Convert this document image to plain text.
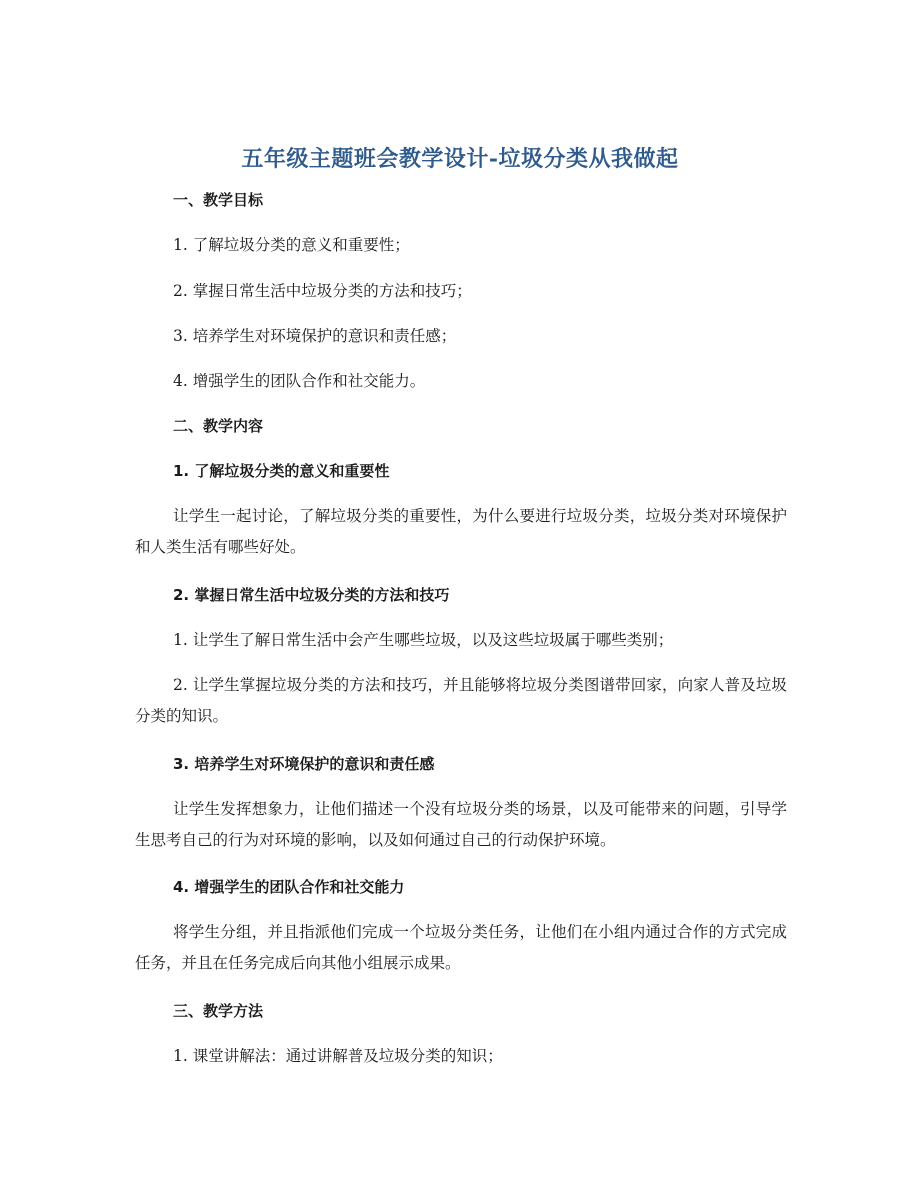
五年级主题班会教学设计-垃圾分类从我做起
一、教学目标
1. 了解垃圾分类的意义和重要性；
2. 掌握日常生活中垃圾分类的方法和技巧；
3. 培养学生对环境保护的意识和责任感；
4. 增强学生的团队合作和社交能力。
二、教学内容
1. 了解垃圾分类的意义和重要性
让学生一起讨论，了解垃圾分类的重要性，为什么要进行垃圾分类，垃圾分类对环境保护和人类生活有哪些好处。
2. 掌握日常生活中垃圾分类的方法和技巧
1. 让学生了解日常生活中会产生哪些垃圾，以及这些垃圾属于哪些类别；
2. 让学生掌握垃圾分类的方法和技巧，并且能够将垃圾分类图谱带回家，向家人普及垃圾分类的知识。
3. 培养学生对环境保护的意识和责任感
让学生发挥想象力，让他们描述一个没有垃圾分类的场景，以及可能带来的问题，引导学生思考自己的行为对环境的影响，以及如何通过自己的行动保护环境。
4. 增强学生的团队合作和社交能力
将学生分组，并且指派他们完成一个垃圾分类任务，让他们在小组内通过合作的方式完成任务，并且在任务完成后向其他小组展示成果。
三、教学方法
1. 课堂讲解法：通过讲解普及垃圾分类的知识；
